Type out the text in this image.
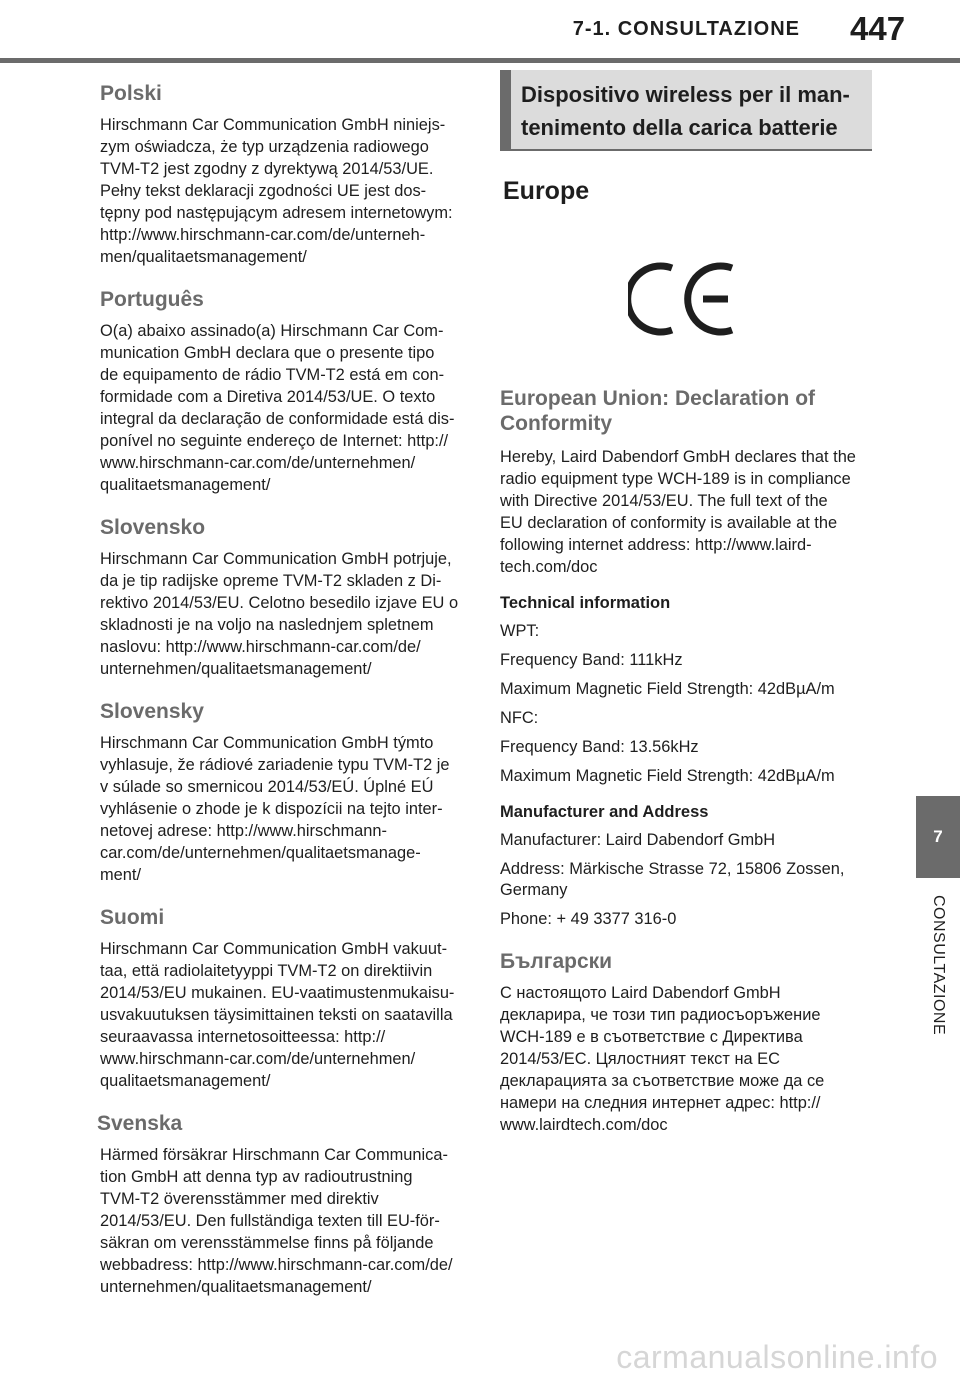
7-1. CONSULTAZIONE 447
Polski

Hirschmann Car Communication GmbH niniejs-
zym oświadcza, że typ urządzenia radiowego
TVM-T2 jest zgodny z dyrektywą 2014/53/UE.
Pełny tekst deklaracji zgodności UE jest dos-
tępny pod następującym adresem internetowym:
http://www.hirschmann-car.com/de/unterneh-
men/qualitaetsmanagement/

Português

O(a) abaixo assinado(a) Hirschmann Car Com-
munication GmbH declara que o presente tipo
de equipamento de rádio TVM-T2 está em con-
formidade com a Diretiva 2014/53/UE. O texto
integral da declaração de conformidade está dis-
ponível no seguinte endereço de Internet: http://
www.hirschmann-car.com/de/unternehmen/
qualitaetsmanagement/

Slovensko

Hirschmann Car Communication GmbH potrjuje,
da je tip radijske opreme TVM-T2 skladen z Di-
rektivo 2014/53/EU. Celotno besedilo izjave EU o
skladnosti je na voljo na naslednjem spletnem
naslovu: http://www.hirschmann-car.com/de/
unternehmen/qualitaetsmanagement/

Slovensky

Hirschmann Car Communication GmbH týmto
vyhlasuje, že rádiové zariadenie typu TVM-T2 je
v súlade so smernicou 2014/53/EÚ. Úplné EÚ
vyhlásenie o zhode je k dispozícii na tejto inter-
netovej adrese: http://www.hirschmann-
car.com/de/unternehmen/qualitaetsmanage-
ment/

Suomi

Hirschmann Car Communication GmbH vakuut-
taa, että radiolaitetyyppi TVM-T2 on direktiivin
2014/53/EU mukainen. EU-vaatimustenmukaisu-
usvakuutuksen täysimittainen teksti on saatavilla
seuraavassa internetosoitteessa: http://
www.hirschmann-car.com/de/unternehmen/
qualitaetsmanagement/

Svenska

Härmed försäkrar Hirschmann Car Communica-
tion GmbH att denna typ av radioutrustning
TVM-T2 överensstämmer med direktiv
2014/53/EU. Den fullständiga texten till EU-för-
säkran om verensstämmelse finns på följande
webbadress: http://www.hirschmann-car.com/de/
unternehmen/qualitaetsmanagement/

Dispositivo wireless per il man-
tenimento della carica batterie
Europe
European Union: Declaration of
Conformity

Hereby, Laird Dabendorf GmbH declares that the
radio equipment type WCH-189 is in compliance
with Directive 2014/53/EU. The full text of the
EU declaration of conformity is available at the
following internet address: http://www.laird-
tech.com/doc

Technical information

WPT:

Frequency Band: 111kHz

Maximum Magnetic Field Strength: 42dBµA/m

NFC:

Frequency Band: 13.56kHz

Maximum Magnetic Field Strength: 42dBµA/m

Manufacturer and Address

Manufacturer: Laird Dabendorf GmbH

Address: Märkische Strasse 72, 15806 Zossen,
Germany

Phone: + 49 3377 316-0

Български

С настоящото Laird Dabendorf GmbH
декларира, че този тип радиосъоръжение
WCH-189 е в съответствие с Директива
2014/53/ЕС. Цялостният текст на ЕС
декларацията за съответствие може да се
намери на следния интернет адрес: http://
www.lairdtech.com/doc

7
CONSULTAZIONE
carmanualsonline.info
